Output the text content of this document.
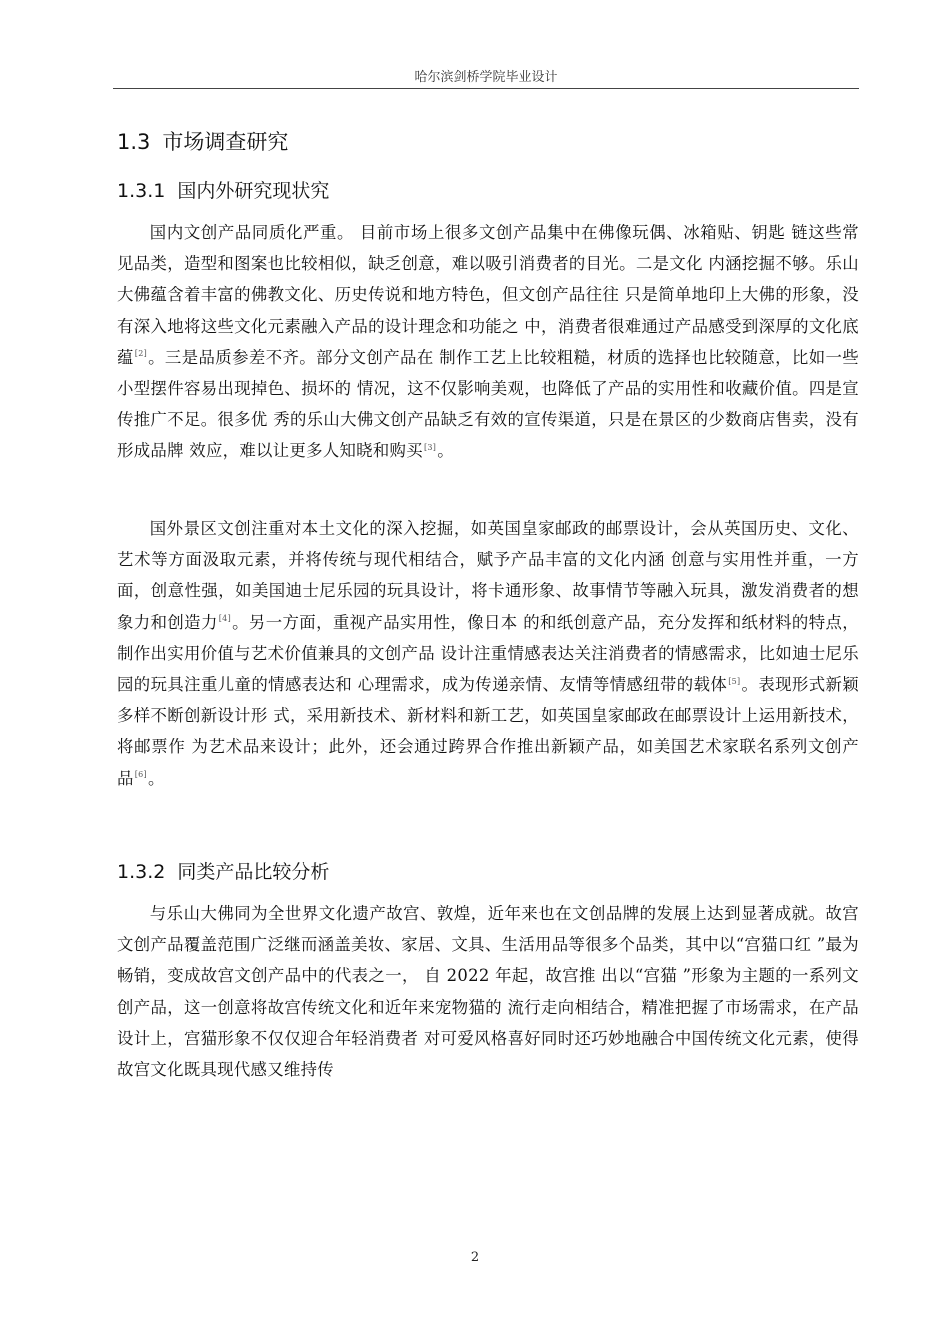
哈尔滨剑桥学院毕业设计
1.3 市场调查研究
1.3.1 国内外研究现状究
国内文创产品同质化严重。 目前市场上很多文创产品集中在佛像玩偶、冰箱贴、钥匙 链这些常见品类，造型和图案也比较相似，缺乏创意，难以吸引消费者的目光。二是文化 内涵挖掘不够。乐山大佛蕴含着丰富的佛教文化、历史传说和地方特色，但文创产品往往 只是简单地印上大佛的形象，没有深入地将这些文化元素融入产品的设计理念和功能之 中，消费者很难通过产品感受到深厚的文化底蕴[2]。三是品质参差不齐。部分文创产品在 制作工艺上比较粗糙，材质的选择也比较随意，比如一些小型摆件容易出现掉色、损坏的 情况，这不仅影响美观，也降低了产品的实用性和收藏价值。四是宣传推广不足。很多优 秀的乐山大佛文创产品缺乏有效的宣传渠道，只是在景区的少数商店售卖，没有形成品牌 效应，难以让更多人知晓和购买[3]。
国外景区文创注重对本土文化的深入挖掘，如英国皇家邮政的邮票设计，会从英国历史、文化、艺术等方面汲取元素，并将传统与现代相结合，赋予产品丰富的文化内涵 创意与实用性并重，一方面，创意性强，如美国迪士尼乐园的玩具设计，将卡通形象、故事情节等融入玩具，激发消费者的想象力和创造力[4]。另一方面，重视产品实用性，像日本 的和纸创意产品，充分发挥和纸材料的特点，制作出实用价值与艺术价值兼具的文创产品 设计注重情感表达关注消费者的情感需求，比如迪士尼乐园的玩具注重儿童的情感表达和 心理需求，成为传递亲情、友情等情感纽带的载体[5]。表现形式新颖多样不断创新设计形 式，采用新技术、新材料和新工艺，如英国皇家邮政在邮票设计上运用新技术，将邮票作 为艺术品来设计；此外，还会通过跨界合作推出新颖产品，如美国艺术家联名系列文创产 品[6]。
1.3.2 同类产品比较分析
与乐山大佛同为全世界文化遗产故宫、敦煌，近年来也在文创品牌的发展上达到显著成就。故宫文创产品覆盖范围广泛继而涵盖美妆、家居、文具、生活用品等很多个品类，其中以“宫猫口红 ”最为畅销，变成故宫文创产品中的代表之一， 自 2022 年起，故宫推 出以“宫猫 ”形象为主题的一系列文创产品，这一创意将故宫传统文化和近年来宠物猫的 流行走向相结合，精准把握了市场需求，在产品设计上，宫猫形象不仅仅迎合年轻消费者 对可爱风格喜好同时还巧妙地融合中国传统文化元素，使得故宫文化既具现代感又维持传
2
